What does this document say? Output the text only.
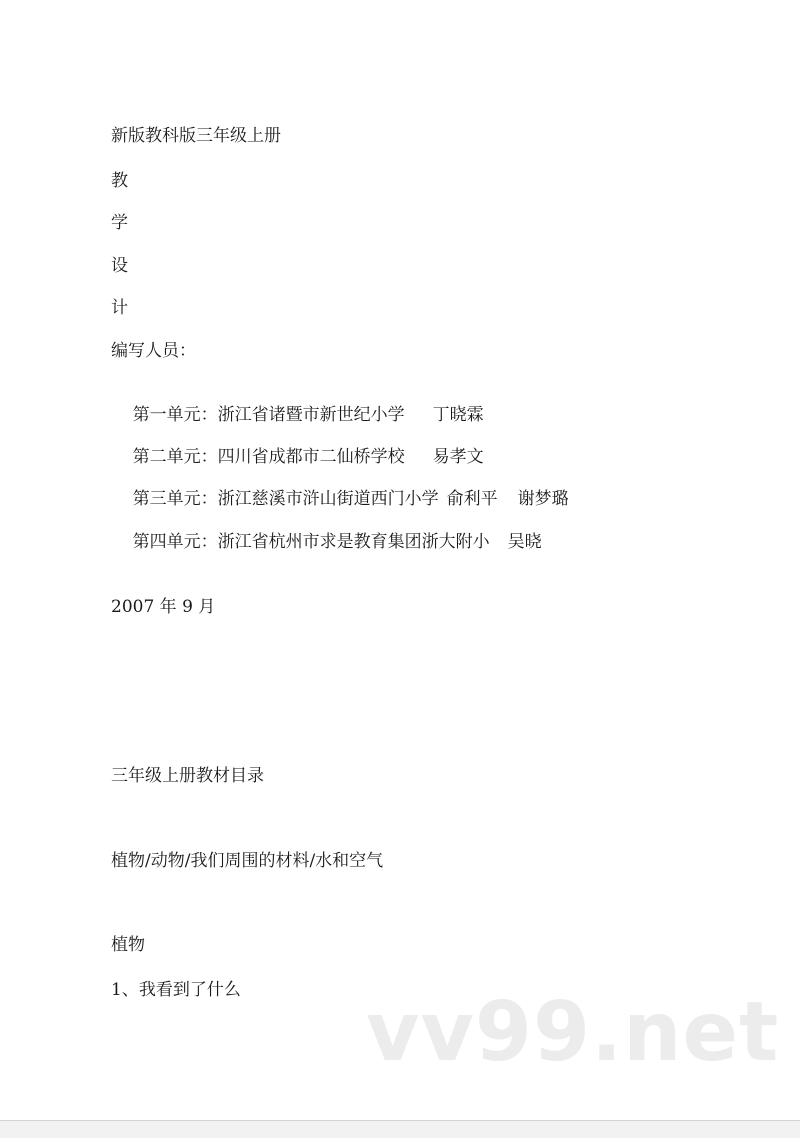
新版教科版三年级上册
教
学
设
计
编写人员：

第一单元：浙江省诸暨市新世纪小学 丁晓霖

第二单元：四川省成都市二仙桥学校 易孝文

第三单元：浙江慈溪市浒山街道西门小学 俞利平 谢梦璐

第四单元：浙江省杭州市求是教育集团浙大附小 吴晓

2007 年 9 月
三年级上册教材目录
植物/动物/我们周围的材料/水和空气
植物
1、我看到了什么 vv99.net
